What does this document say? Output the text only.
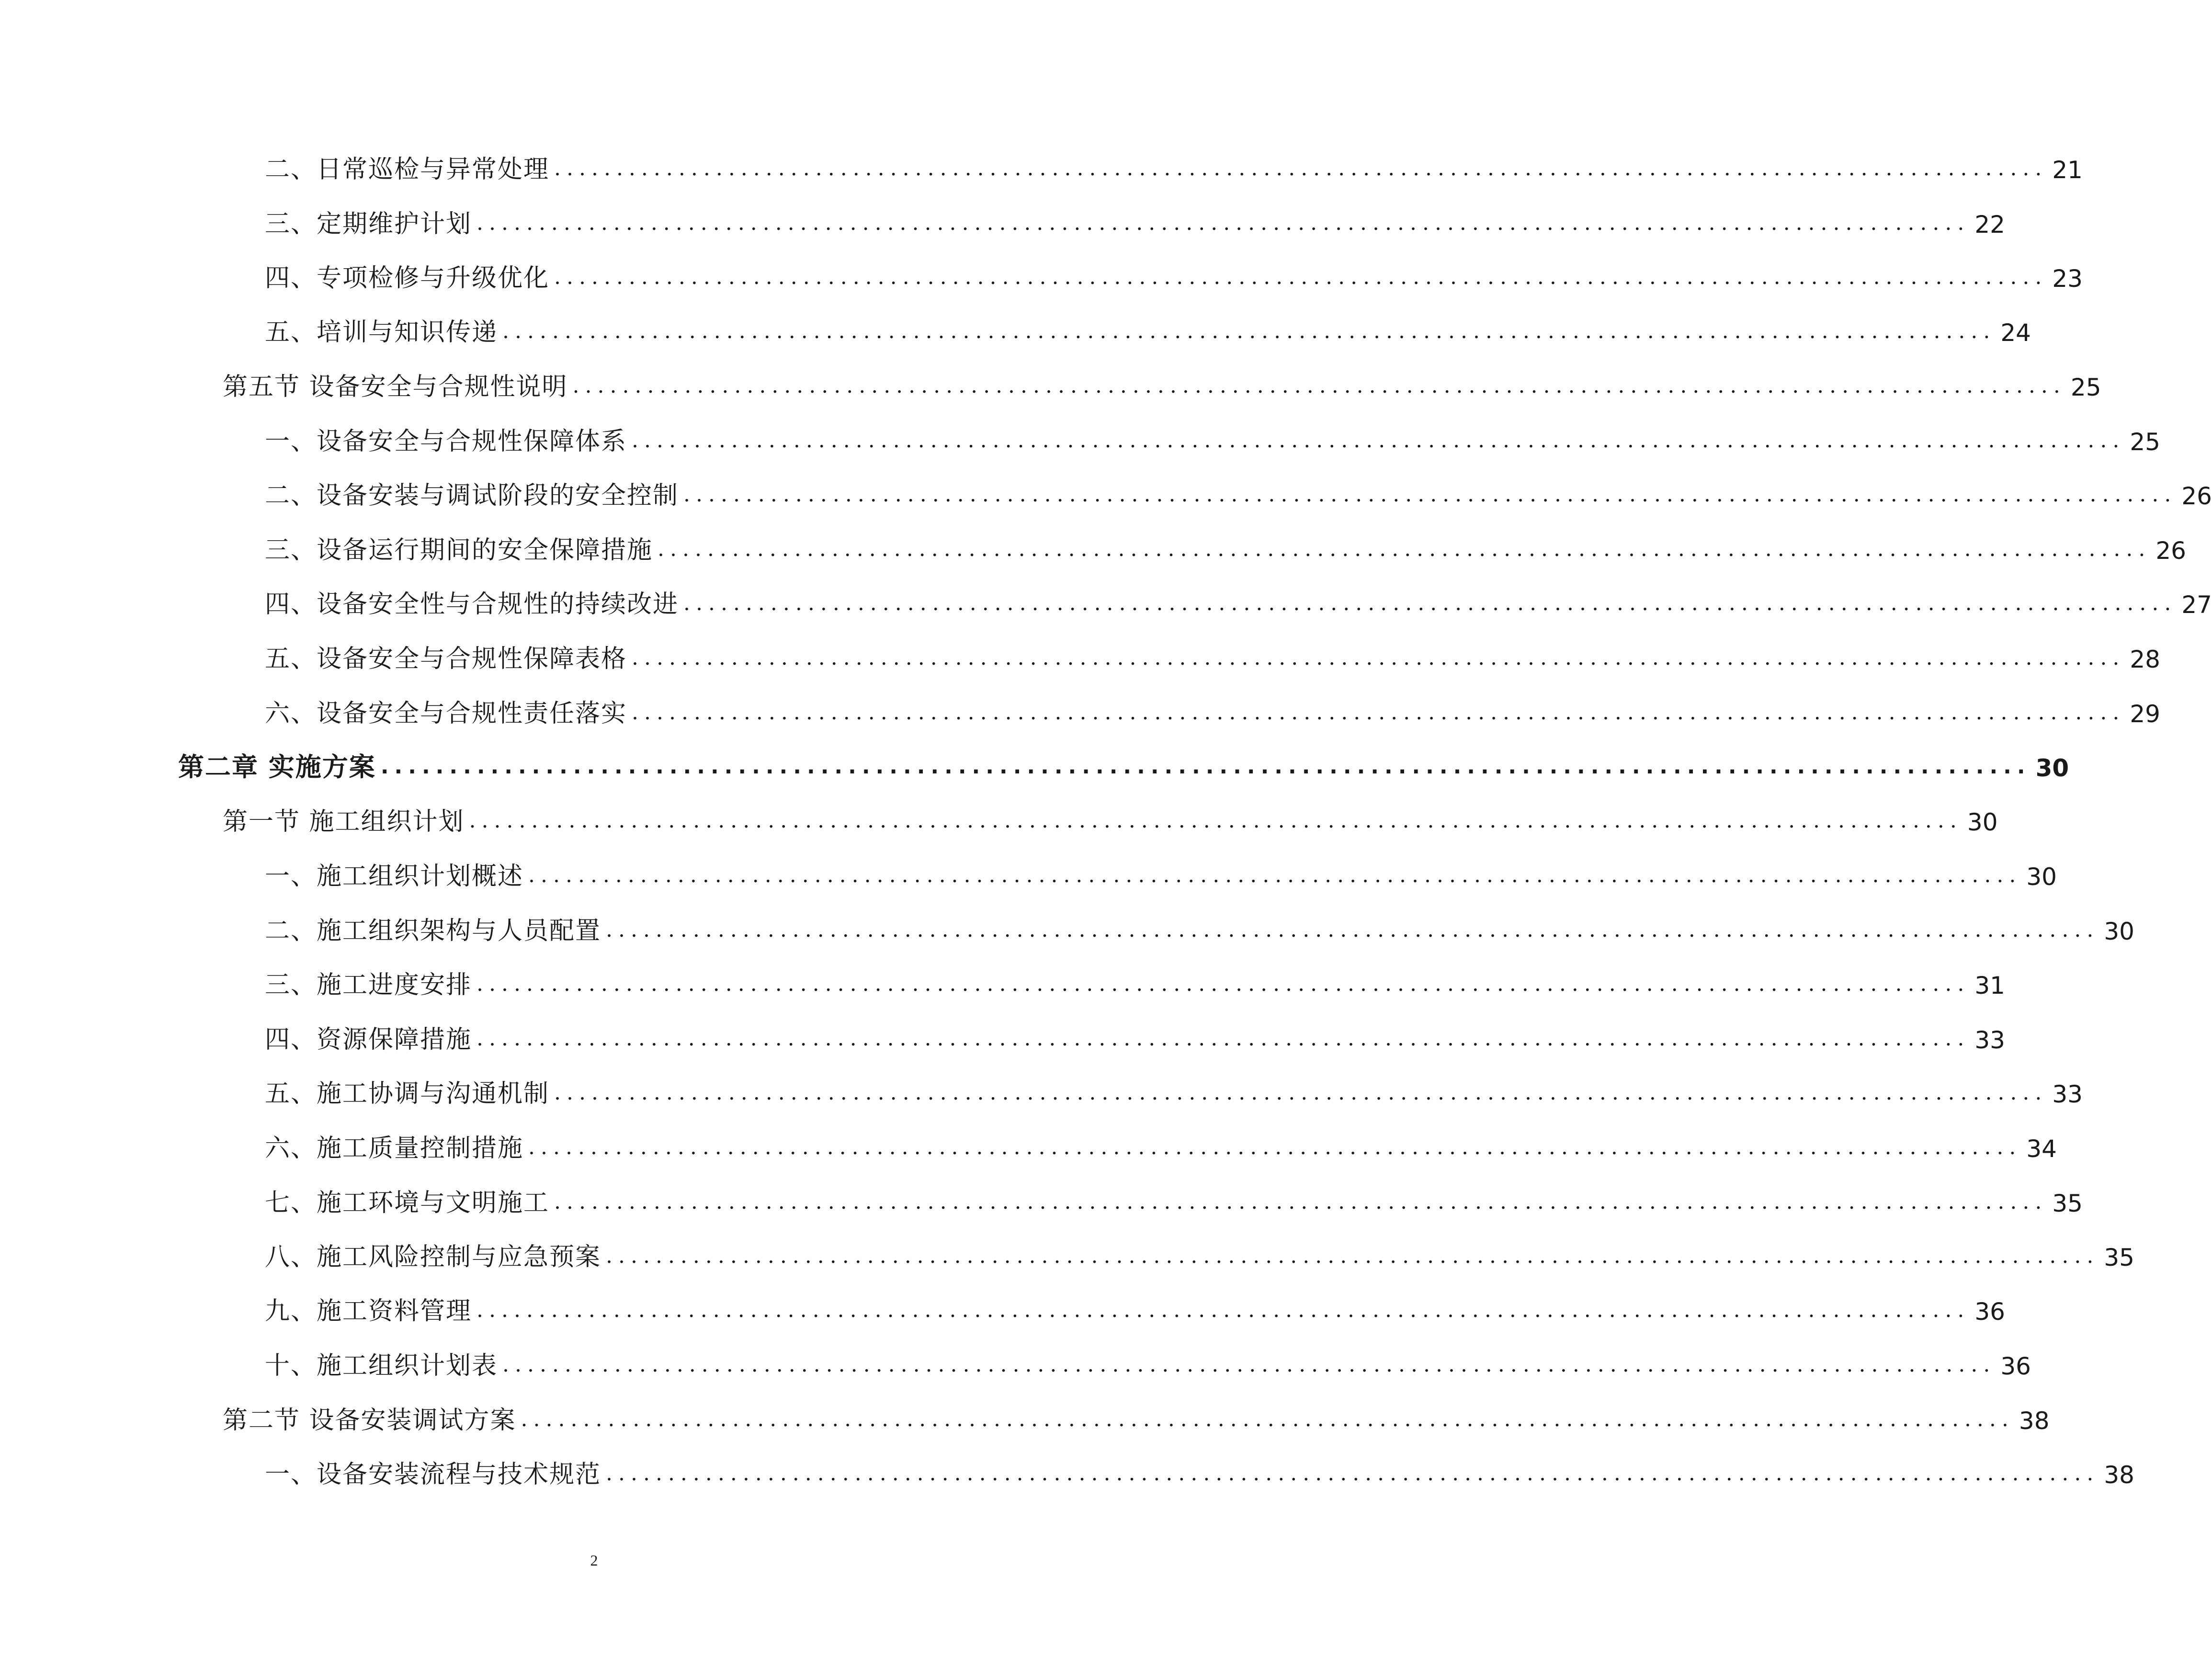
二、日常巡检与异常处理 ........................................................................................................................ 21
三、定期维护计划 ........................................................................................................................ 22
四、专项检修与升级优化 ........................................................................................................................ 23
五、培训与知识传递 ........................................................................................................................ 24
第五节 设备安全与合规性说明 ........................................................................................................................ 25
一、设备安全与合规性保障体系 ........................................................................................................................ 25
二、设备安装与调试阶段的安全控制 ........................................................................................................................ 26
三、设备运行期间的安全保障措施 ........................................................................................................................ 26
四、设备安全性与合规性的持续改进 ........................................................................................................................ 27
五、设备安全与合规性保障表格 ........................................................................................................................ 28
六、设备安全与合规性责任落实 ........................................................................................................................ 29
第二章 实施方案 ........................................................................................................................ 30
第一节 施工组织计划 ........................................................................................................................ 30
一、施工组织计划概述 ........................................................................................................................ 30
二、施工组织架构与人员配置 ........................................................................................................................ 30
三、施工进度安排 ........................................................................................................................ 31
四、资源保障措施 ........................................................................................................................ 33
五、施工协调与沟通机制 ........................................................................................................................ 33
六、施工质量控制措施 ........................................................................................................................ 34
七、施工环境与文明施工 ........................................................................................................................ 35
八、施工风险控制与应急预案 ........................................................................................................................ 35
九、施工资料管理 ........................................................................................................................ 36
十、施工组织计划表 ........................................................................................................................ 36
第二节 设备安装调试方案 ........................................................................................................................ 38
一、设备安装流程与技术规范 ........................................................................................................................ 38
2
